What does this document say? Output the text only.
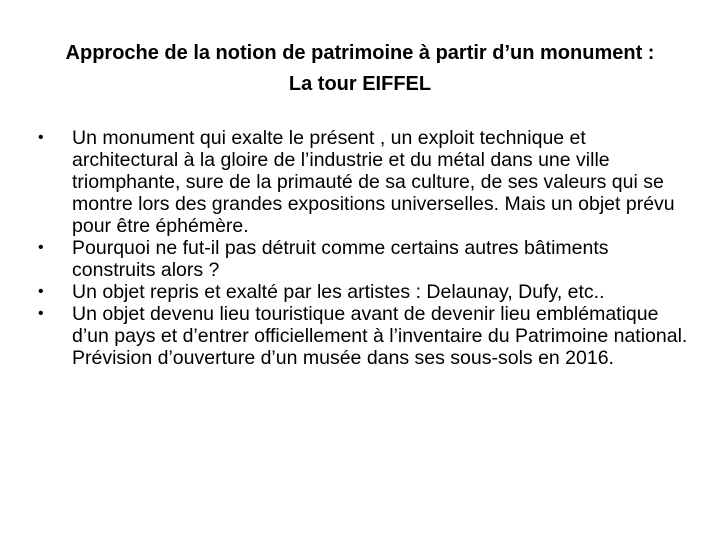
Approche de la notion de patrimoine à partir d’un monument : La tour EIFFEL
•	Un monument qui exalte le présent , un exploit technique et architectural à la gloire de l’industrie et du métal dans une ville triomphante, sure de la primauté de sa culture, de ses valeurs qui se montre lors des grandes expositions universelles. Mais un objet prévu pour être éphémère.
•	Pourquoi ne fut-il pas détruit comme certains autres bâtiments construits alors ?
•	Un objet repris et exalté par les artistes : Delaunay, Dufy, etc..
•	Un objet devenu lieu touristique avant de devenir lieu emblématique d’un pays et d’entrer officiellement à l’inventaire du Patrimoine national. Prévision d’ouverture d’un musée dans ses sous-sols en 2016.
